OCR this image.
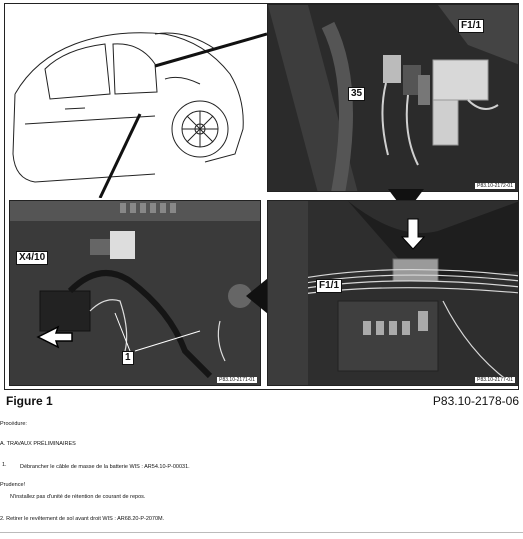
F1/1
35
P83.10-2172-01
X4/10
1
P83.10-2171-01
F1/1
P83.10-2177-01
Figure 1	P83.10-2178-06
Procédure:
A. TRAVAUX PRÉLIMINAIRES
1. Débrancher le câble de masse de la batterie WIS : AR54.10-P-00031.
Prudence!
N'installez pas d'unité de rétention de courant de repos.
2. Retirer le revêtement de sol avant droit WIS : AR68.20-P-2070M.
